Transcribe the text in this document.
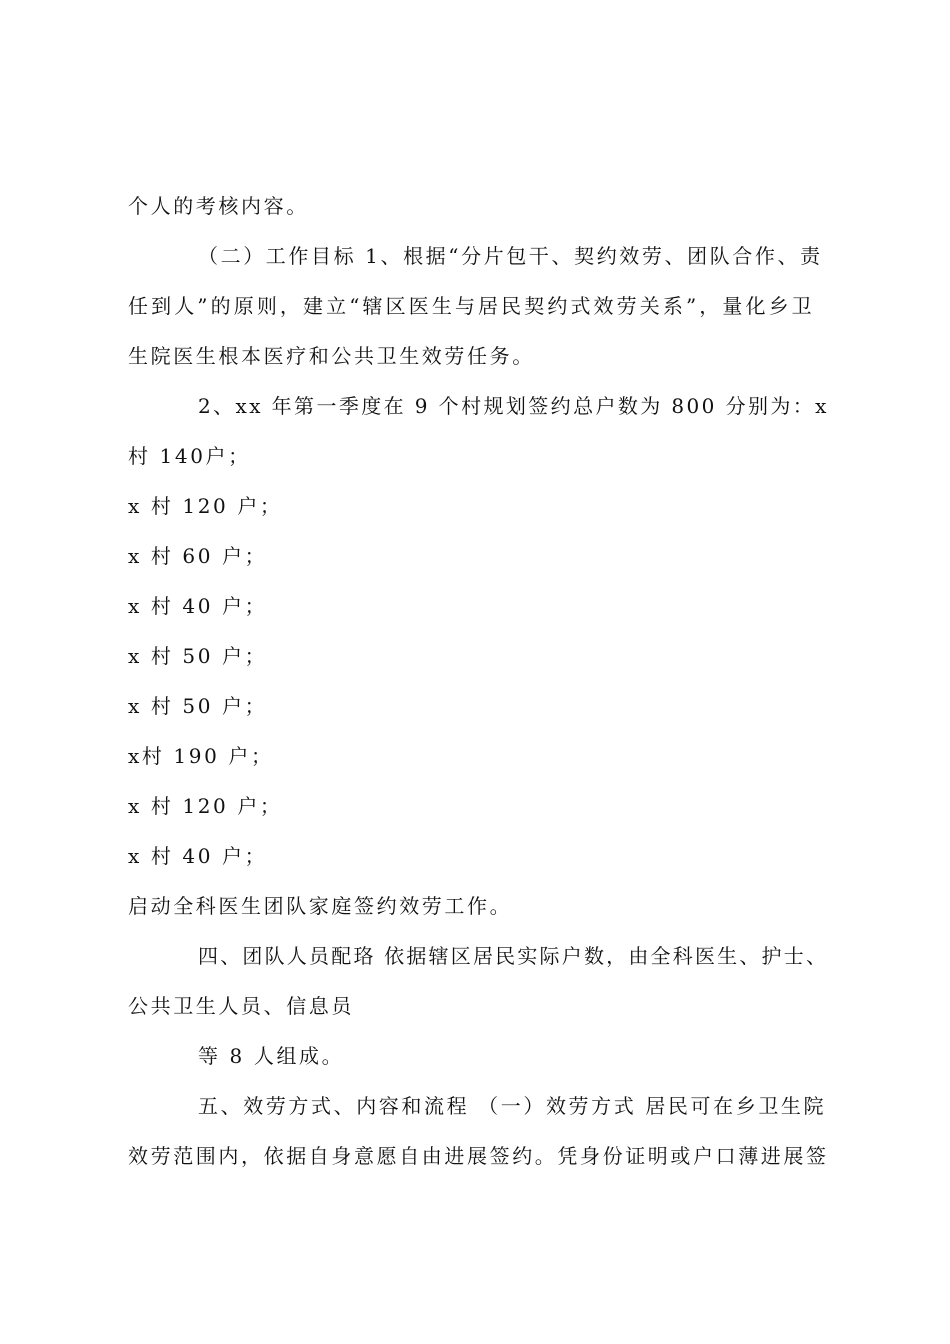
个人的考核内容。
（二）工作目标 1、根据“分片包干、契约效劳、团队合作、责
任到人”的原则，建立“辖区医生与居民契约式效劳关系”，量化乡卫
生院医生根本医疗和公共卫生效劳任务。
2、xx 年第一季度在 9 个村规划签约总户数为 800 分别为：x
村 140户；
x 村 120 户；
x 村 60 户；
x 村 40 户；
x 村 50 户；
x 村 50 户；
x村 190 户；
x 村 120 户；
x 村 40 户；
启动全科医生团队家庭签约效劳工作。
四、团队人员配珞 依据辖区居民实际户数，由全科医生、护士、
公共卫生人员、信息员
等 8 人组成。
五、效劳方式、内容和流程 （一）效劳方式 居民可在乡卫生院
效劳范围内，依据自身意愿自由进展签约。凭身份证明或户口薄进展签
